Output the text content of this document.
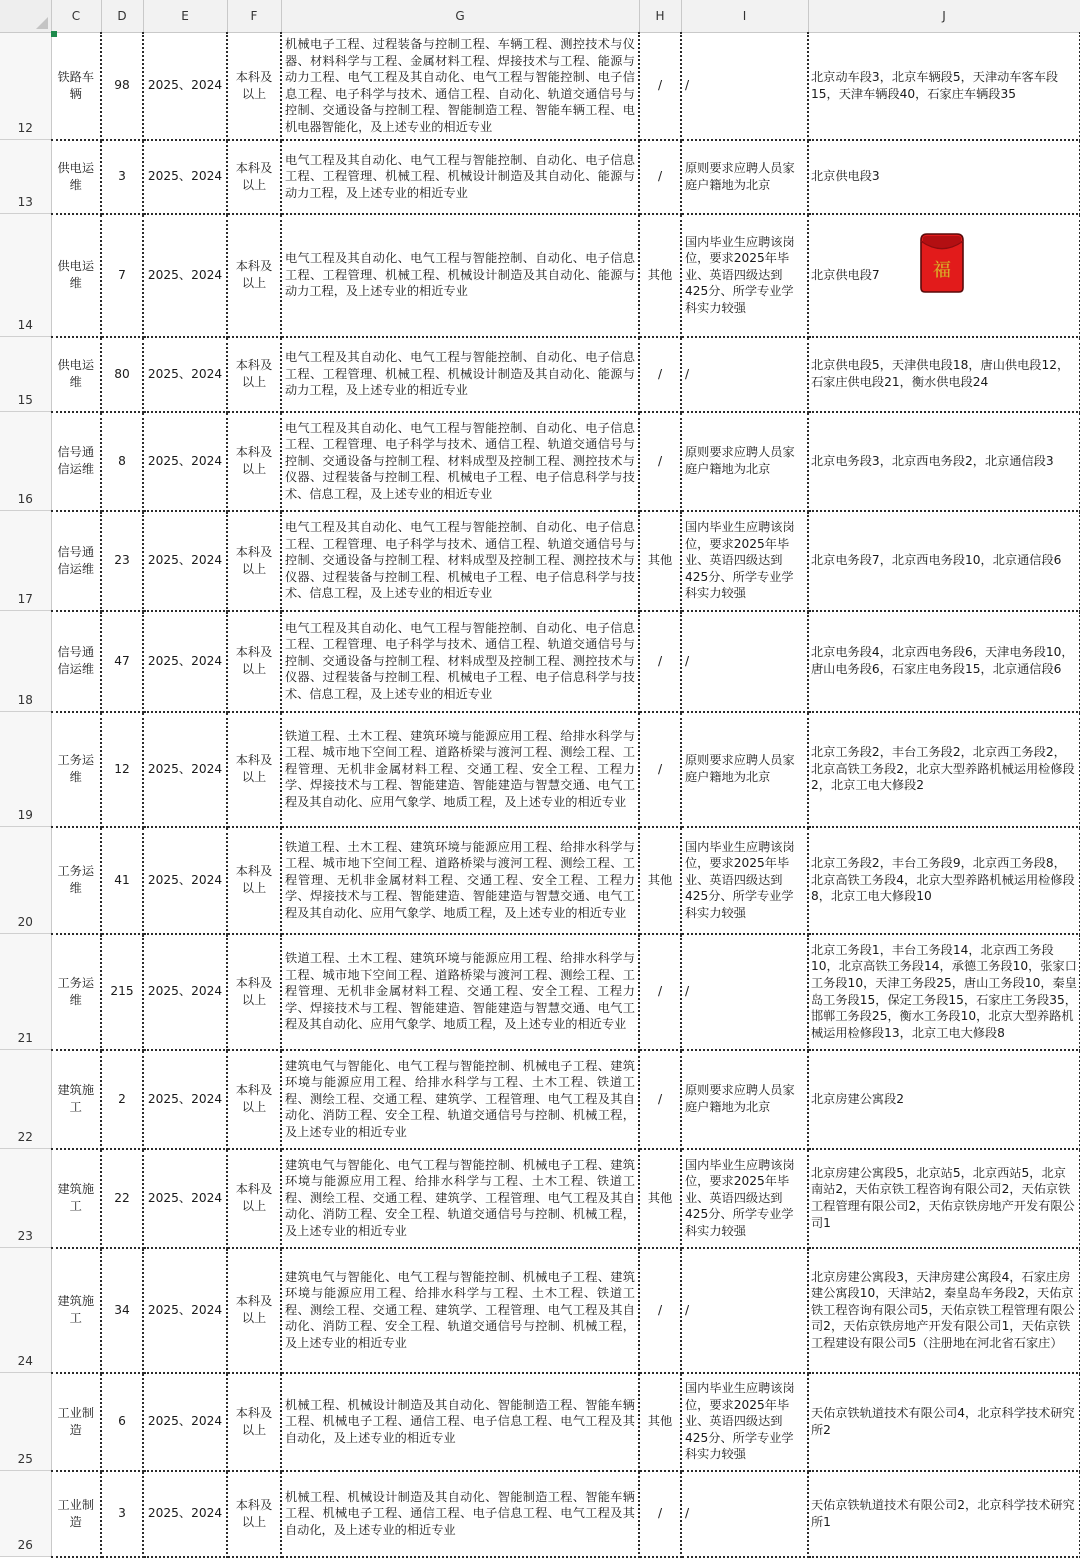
	C	D	E	F	G	H	I	J
12	铁路车辆	98	2025、2024	本科及以上	机械电子工程、过程装备与控制工程、车辆工程、测控技术与仪器、材料科学与工程、金属材料工程、焊接技术与工程、能源与动力工程、电气工程及其自动化、电气工程与智能控制、电子信息工程、电子科学与技术、通信工程、自动化、轨道交通信号与控制、交通设备与控制工程、智能制造工程、智能车辆工程、电机电器智能化，及上述专业的相近专业	/	/	北京动车段3，北京车辆段5，天津动车客车段15，天津车辆段40，石家庄车辆段35
13	供电运维	3	2025、2024	本科及以上	电气工程及其自动化、电气工程与智能控制、自动化、电子信息工程、工程管理、机械工程、机械设计制造及其自动化、能源与动力工程，及上述专业的相近专业	/	原则要求应聘人员家庭户籍地为北京	北京供电段3
14	供电运维	7	2025、2024	本科及以上	电气工程及其自动化、电气工程与智能控制、自动化、电子信息工程、工程管理、机械工程、机械设计制造及其自动化、能源与动力工程，及上述专业的相近专业	其他	国内毕业生应聘该岗位，要求2025年毕业、英语四级达到425分、所学专业学科实力较强	北京供电段7
15	供电运维	80	2025、2024	本科及以上	电气工程及其自动化、电气工程与智能控制、自动化、电子信息工程、工程管理、机械工程、机械设计制造及其自动化、能源与动力工程，及上述专业的相近专业	/	/	北京供电段5，天津供电段18，唐山供电段12，石家庄供电段21，衡水供电段24
16	信号通信运维	8	2025、2024	本科及以上	电气工程及其自动化、电气工程与智能控制、自动化、电子信息工程、工程管理、电子科学与技术、通信工程、轨道交通信号与控制、交通设备与控制工程、材料成型及控制工程、测控技术与仪器、过程装备与控制工程、机械电子工程、电子信息科学与技术、信息工程，及上述专业的相近专业	/	原则要求应聘人员家庭户籍地为北京	北京电务段3，北京西电务段2，北京通信段3
17	信号通信运维	23	2025、2024	本科及以上	电气工程及其自动化、电气工程与智能控制、自动化、电子信息工程、工程管理、电子科学与技术、通信工程、轨道交通信号与控制、交通设备与控制工程、材料成型及控制工程、测控技术与仪器、过程装备与控制工程、机械电子工程、电子信息科学与技术、信息工程，及上述专业的相近专业	其他	国内毕业生应聘该岗位，要求2025年毕业、英语四级达到425分、所学专业学科实力较强	北京电务段7，北京西电务段10，北京通信段6
18	信号通信运维	47	2025、2024	本科及以上	电气工程及其自动化、电气工程与智能控制、自动化、电子信息工程、工程管理、电子科学与技术、通信工程、轨道交通信号与控制、交通设备与控制工程、材料成型及控制工程、测控技术与仪器、过程装备与控制工程、机械电子工程、电子信息科学与技术、信息工程，及上述专业的相近专业	/	/	北京电务段4，北京西电务段6，天津电务段10，唐山电务段6，石家庄电务段15，北京通信段6
19	工务运维	12	2025、2024	本科及以上	铁道工程、土木工程、建筑环境与能源应用工程、给排水科学与工程、城市地下空间工程、道路桥梁与渡河工程、测绘工程、工程管理、无机非金属材料工程、交通工程、安全工程、工程力学、焊接技术与工程、智能建造、智能建造与智慧交通、电气工程及其自动化、应用气象学、地质工程，及上述专业的相近专业	/	原则要求应聘人员家庭户籍地为北京	北京工务段2，丰台工务段2，北京西工务段2，北京高铁工务段2，北京大型养路机械运用检修段2，北京工电大修段2
20	工务运维	41	2025、2024	本科及以上	铁道工程、土木工程、建筑环境与能源应用工程、给排水科学与工程、城市地下空间工程、道路桥梁与渡河工程、测绘工程、工程管理、无机非金属材料工程、交通工程、安全工程、工程力学、焊接技术与工程、智能建造、智能建造与智慧交通、电气工程及其自动化、应用气象学、地质工程，及上述专业的相近专业	其他	国内毕业生应聘该岗位，要求2025年毕业、英语四级达到425分、所学专业学科实力较强	北京工务段2，丰台工务段9，北京西工务段8，北京高铁工务段4，北京大型养路机械运用检修段8，北京工电大修段10
21	工务运维	215	2025、2024	本科及以上	铁道工程、土木工程、建筑环境与能源应用工程、给排水科学与工程、城市地下空间工程、道路桥梁与渡河工程、测绘工程、工程管理、无机非金属材料工程、交通工程、安全工程、工程力学、焊接技术与工程、智能建造、智能建造与智慧交通、电气工程及其自动化、应用气象学、地质工程，及上述专业的相近专业	/	/	北京工务段1，丰台工务段14，北京西工务段10，北京高铁工务段14，承德工务段10，张家口工务段10，天津工务段25，唐山工务段10，秦皇岛工务段15，保定工务段15，石家庄工务段35，邯郸工务段25，衡水工务段10，北京大型养路机械运用检修段13，北京工电大修段8
22	建筑施工	2	2025、2024	本科及以上	建筑电气与智能化、电气工程与智能控制、机械电子工程、建筑环境与能源应用工程、给排水科学与工程、土木工程、铁道工程、测绘工程、交通工程、建筑学、工程管理、电气工程及其自动化、消防工程、安全工程、轨道交通信号与控制、机械工程，及上述专业的相近专业	/	原则要求应聘人员家庭户籍地为北京	北京房建公寓段2
23	建筑施工	22	2025、2024	本科及以上	建筑电气与智能化、电气工程与智能控制、机械电子工程、建筑环境与能源应用工程、给排水科学与工程、土木工程、铁道工程、测绘工程、交通工程、建筑学、工程管理、电气工程及其自动化、消防工程、安全工程、轨道交通信号与控制、机械工程，及上述专业的相近专业	其他	国内毕业生应聘该岗位，要求2025年毕业、英语四级达到425分、所学专业学科实力较强	北京房建公寓段5，北京站5，北京西站5，北京南站2，天佑京铁工程咨询有限公司2，天佑京铁工程管理有限公司2，天佑京铁房地产开发有限公司1
24	建筑施工	34	2025、2024	本科及以上	建筑电气与智能化、电气工程与智能控制、机械电子工程、建筑环境与能源应用工程、给排水科学与工程、土木工程、铁道工程、测绘工程、交通工程、建筑学、工程管理、电气工程及其自动化、消防工程、安全工程、轨道交通信号与控制、机械工程，及上述专业的相近专业	/	/	北京房建公寓段3，天津房建公寓段4，石家庄房建公寓段10，天津站2，秦皇岛车务段2，天佑京铁工程咨询有限公司5，天佑京铁工程管理有限公司2，天佑京铁房地产开发有限公司1，天佑京铁工程建设有限公司5（注册地在河北省石家庄）
25	工业制造	6	2025、2024	本科及以上	机械工程、机械设计制造及其自动化、智能制造工程、智能车辆工程、机械电子工程、通信工程、电子信息工程、电气工程及其自动化，及上述专业的相近专业	其他	国内毕业生应聘该岗位，要求2025年毕业、英语四级达到425分、所学专业学科实力较强	天佑京铁轨道技术有限公司4，北京科学技术研究所2
26	工业制造	3	2025、2024	本科及以上	机械工程、机械设计制造及其自动化、智能制造工程、智能车辆工程、机械电子工程、通信工程、电子信息工程、电气工程及其自动化，及上述专业的相近专业	/	/	天佑京铁轨道技术有限公司2，北京科学技术研究所1
福
